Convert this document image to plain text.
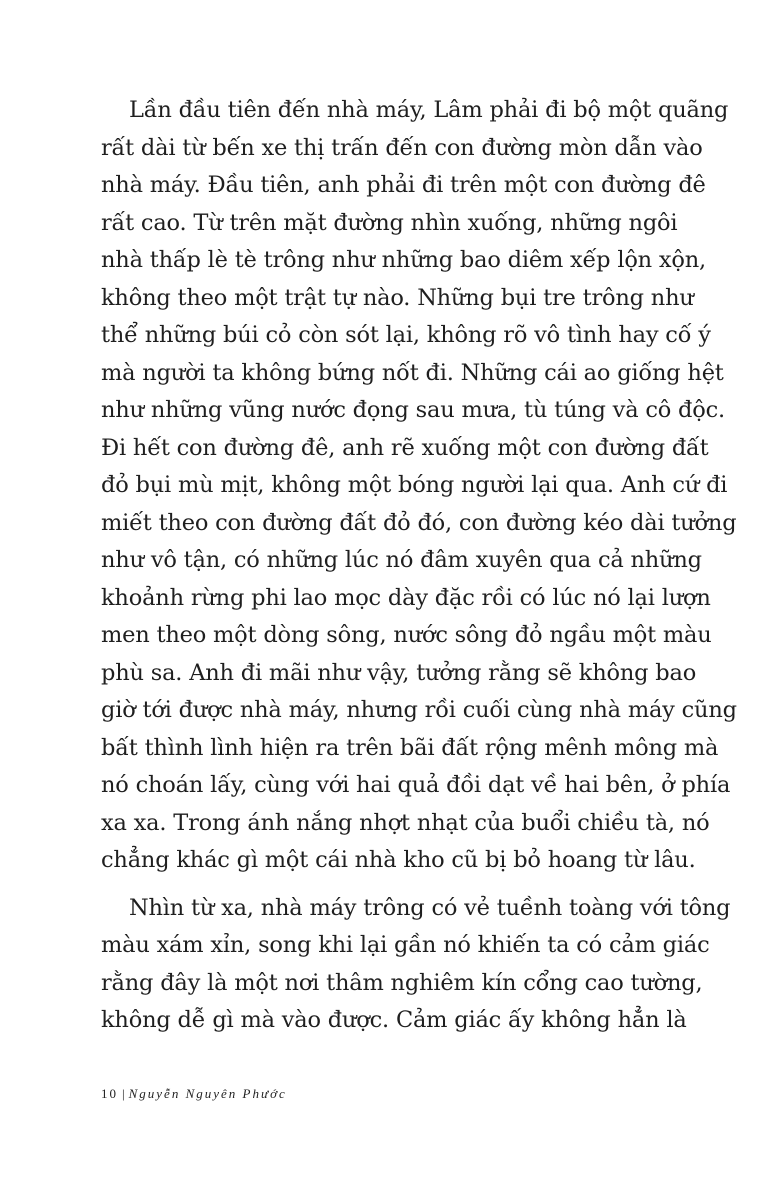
Lần đầu tiên đến nhà máy, Lâm phải đi bộ một quãng
rất dài từ bến xe thị trấn đến con đường mòn dẫn vào
nhà máy. Đầu tiên, anh phải đi trên một con đường đê
rất cao. Từ trên mặt đường nhìn xuống, những ngôi
nhà thấp lè tè trông như những bao diêm xếp lộn xộn,
không theo một trật tự nào. Những bụi tre trông như
thể những búi cỏ còn sót lại, không rõ vô tình hay cố ý
mà người ta không bứng nốt đi. Những cái ao giống hệt
như những vũng nước đọng sau mưa, tù túng và cô độc.
Đi hết con đường đê, anh rẽ xuống một con đường đất
đỏ bụi mù mịt, không một bóng người lại qua. Anh cứ đi
miết theo con đường đất đỏ đó, con đường kéo dài tưởng
như vô tận, có những lúc nó đâm xuyên qua cả những
khoảnh rừng phi lao mọc dày đặc rồi có lúc nó lại lượn
men theo một dòng sông, nước sông đỏ ngầu một màu
phù sa. Anh đi mãi như vậy, tưởng rằng sẽ không bao
giờ tới được nhà máy, nhưng rồi cuối cùng nhà máy cũng
bất thình lình hiện ra trên bãi đất rộng mênh mông mà
nó choán lấy, cùng với hai quả đồi dạt về hai bên, ở phía
xa xa. Trong ánh nắng nhợt nhạt của buổi chiều tà, nó
chẳng khác gì một cái nhà kho cũ bị bỏ hoang từ lâu.
Nhìn từ xa, nhà máy trông có vẻ tuềnh toàng với tông
màu xám xỉn, song khi lại gần nó khiến ta có cảm giác
rằng đây là một nơi thâm nghiêm kín cổng cao tường,
không dễ gì mà vào được. Cảm giác ấy không hẳn là
10 | Nguyễn Nguyên Phước
